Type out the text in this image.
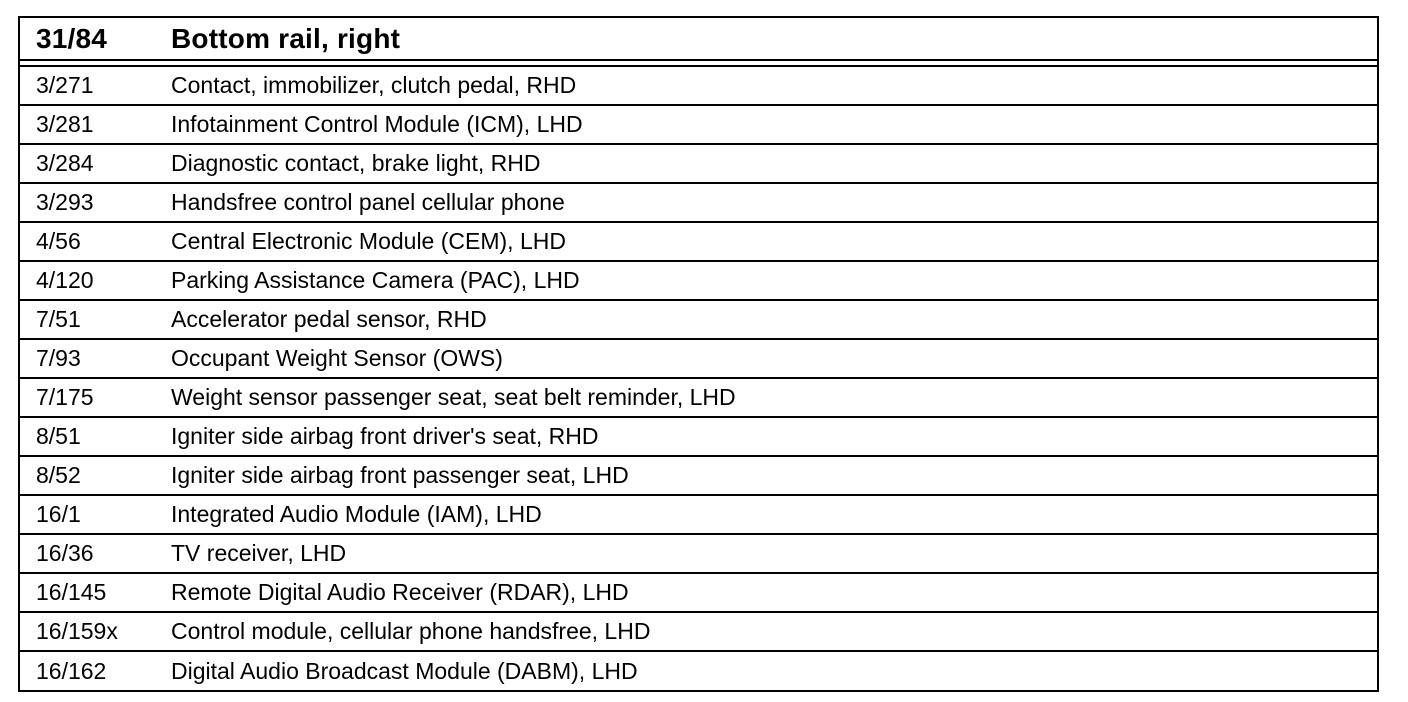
31/84	Bottom rail, right
3/271	Contact, immobilizer, clutch pedal, RHD
3/281	Infotainment Control Module (ICM), LHD
3/284	Diagnostic contact, brake light, RHD
3/293	Handsfree control panel cellular phone
4/56	Central Electronic Module (CEM), LHD
4/120	Parking Assistance Camera (PAC), LHD
7/51	Accelerator pedal sensor, RHD
7/93	Occupant Weight Sensor (OWS)
7/175	Weight sensor passenger seat, seat belt reminder, LHD
8/51	Igniter side airbag front driver's seat, RHD
8/52	Igniter side airbag front passenger seat, LHD
16/1	Integrated Audio Module (IAM), LHD
16/36	TV receiver, LHD
16/145	Remote Digital Audio Receiver (RDAR), LHD
16/159x	Control module, cellular phone handsfree, LHD
16/162	Digital Audio Broadcast Module (DABM), LHD
